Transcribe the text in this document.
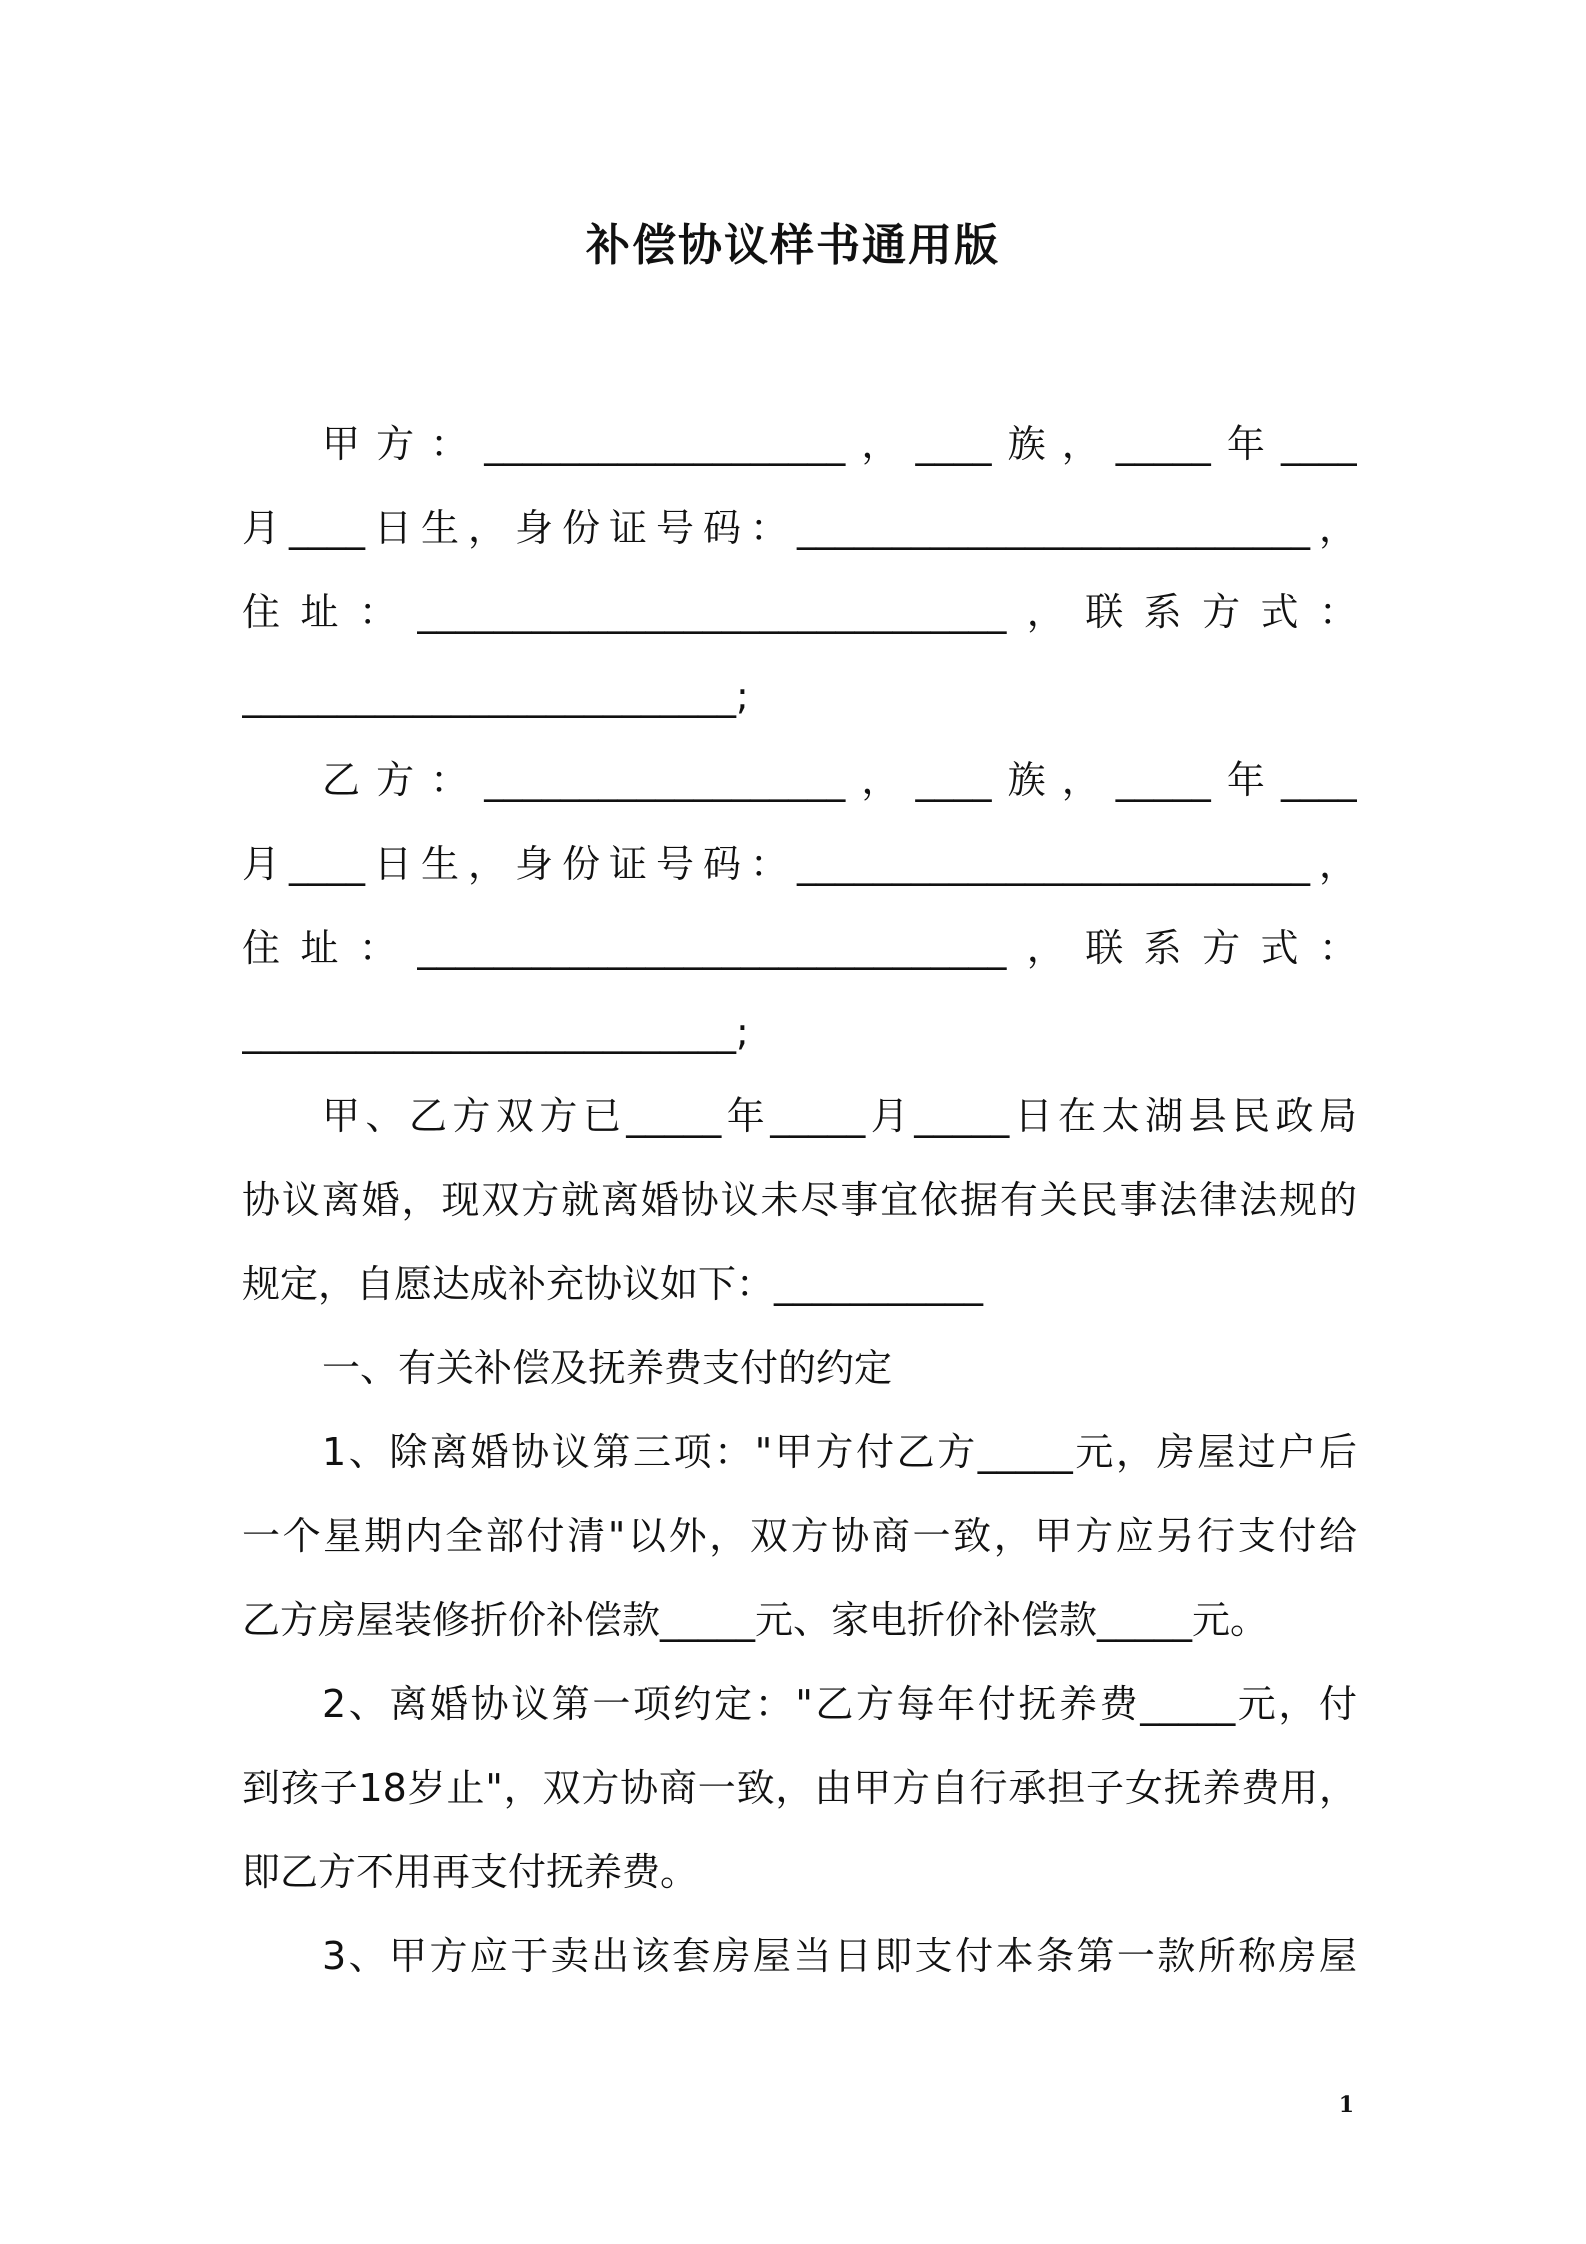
补偿协议样书通用版
甲方：___________________，____族，_____年____
月____日生，身份证号码：___________________________，
住址：_______________________________，联系方式：
__________________________;
乙方：___________________，____族，_____年____
月____日生，身份证号码：___________________________，
住址：_______________________________，联系方式：
__________________________;
甲、乙方双方已_____年_____月_____日在太湖县民政局
协议离婚，现双方就离婚协议未尽事宜依据有关民事法律法规的
规定，自愿达成补充协议如下：___________
一、有关补偿及抚养费支付的约定
1、除离婚协议第三项："甲方付乙方_____元，房屋过户后
一个星期内全部付清"以外，双方协商一致，甲方应另行支付给
乙方房屋装修折价补偿款_____元、家电折价补偿款_____元。
2、离婚协议第一项约定："乙方每年付抚养费_____元，付
到孩子18岁止"，双方协商一致，由甲方自行承担子女抚养费用，
即乙方不用再支付抚养费。
3、甲方应于卖出该套房屋当日即支付本条第一款所称房屋
1
